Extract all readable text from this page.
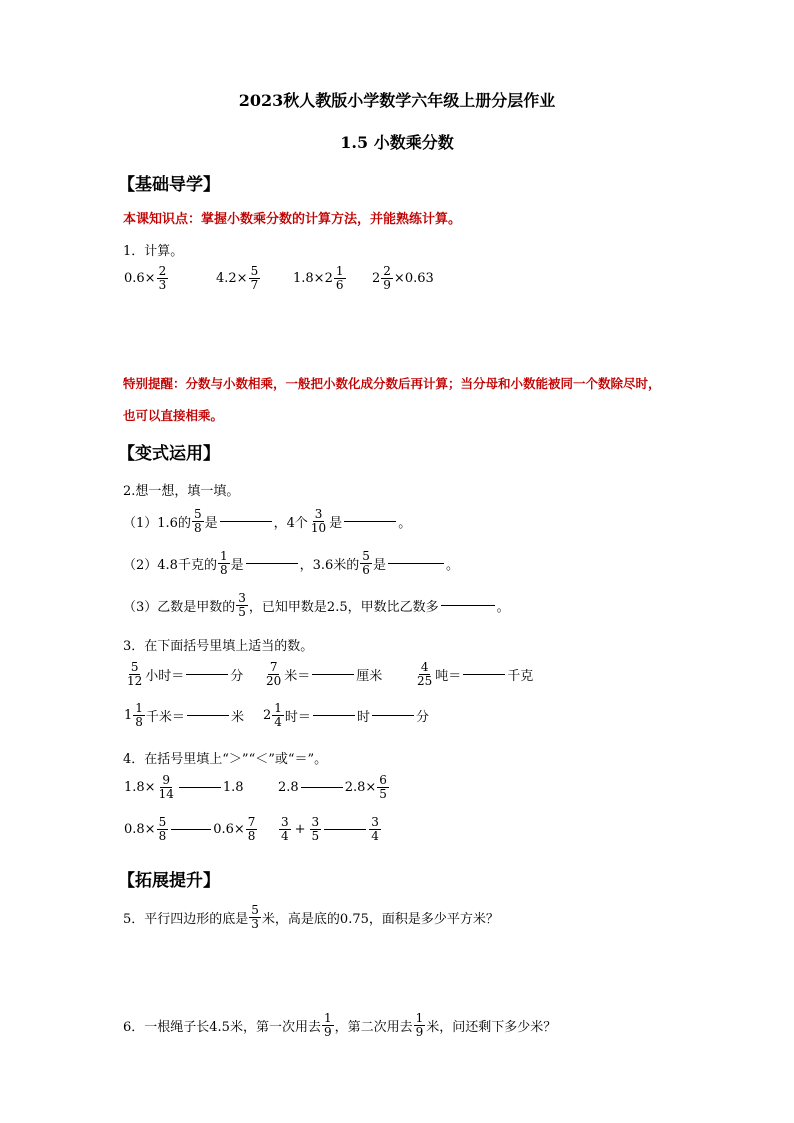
2023秋人教版小学数学六年级上册分层作业
1.5 小数乘分数
【基础导学】
本课知识点：掌握小数乘分数的计算方法，并能熟练计算。
1．计算。
$0.6\times \frac{2}{3}$	$4.2\times \frac{5}{7}$	$1.8\times 2 \frac{1}{6} 2 \frac{2}{9} \times 0.63$
特别提醒：分数与小数相乘，一般把小数化成分数后再计算；当分母和小数能被同一个数除尽时，
也可以直接相乘。
【变式运用】
2.想一想，填一填。
（1）1.6的 $\frac{5}{8}$ 是	，4个 $\frac{3}{10}$ 是	。
（2）4.8千克的 $\frac{1}{8}$ 是	，3.6米的 $\frac{5}{6}$ 是	。
（3）乙数是甲数的 $\frac{3}{5}$ ，已知甲数是2.5，甲数比乙数多	。
3．在下面括号里填上适当的数。
$\frac{5}{12}$ 小时＝	分 $\frac{7}{20}$ 米＝	厘米	$\frac{4}{25}$ 吨＝	千克
$1 \frac{1}{8}$ 千米＝	米 $2 \frac{1}{4}$ 时＝	时	分
4．在括号里填上“＞”“＜”或“＝”。
$1.8\times \frac{9}{14}$	1.8	2.8	$2.8\times \frac{6}{5}$
$0.8\times \frac{5}{8}$	$0.6\times \frac{7}{8} \frac{3}{4} + \frac{3}{5}$	$\frac{3}{4}$
【拓展提升】
5．平行四边形的底是 $\frac{5}{3}$ 米，高是底的0.75，面积是多少平方米？
6．一根绳子长4.5米，第一次用去 $\frac{1}{9}$ ，第二次用去 $\frac{1}{9}$ 米，问还剩下多少米？
